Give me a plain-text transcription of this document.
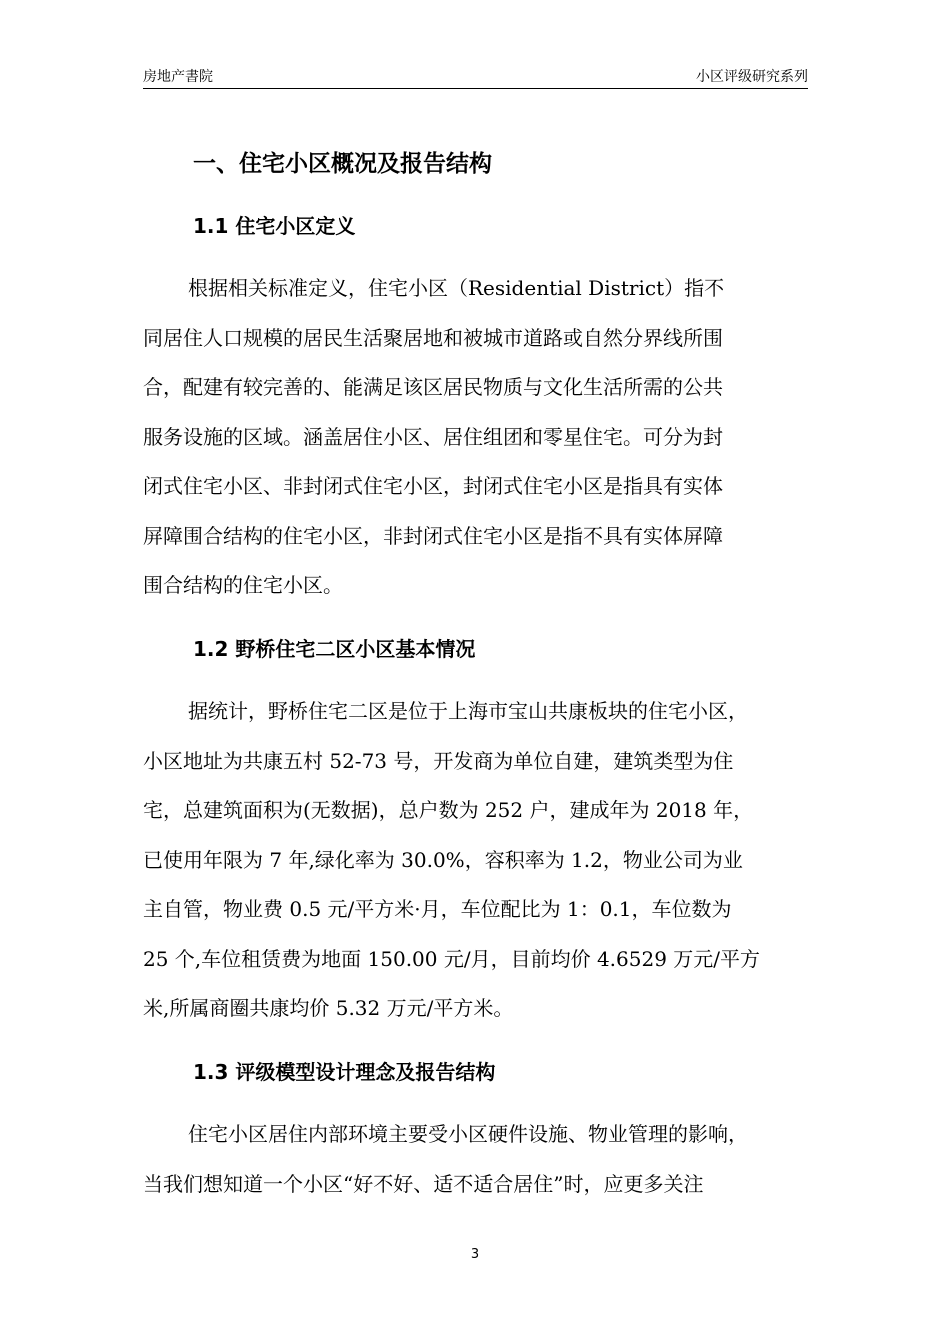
房地产書院	小区评级研究系列
一、住宅小区概况及报告结构
1.1 住宅小区定义
根据相关标准定义，住宅小区（Residential District）指不
同居住人口规模的居民生活聚居地和被城市道路或自然分界线所围
合，配建有较完善的、能满足该区居民物质与文化生活所需的公共
服务设施的区域。涵盖居住小区、居住组团和零星住宅。可分为封
闭式住宅小区、非封闭式住宅小区，封闭式住宅小区是指具有实体
屏障围合结构的住宅小区，非封闭式住宅小区是指不具有实体屏障
围合结构的住宅小区。
1.2 野桥住宅二区小区基本情况
据统计，野桥住宅二区是位于上海市宝山共康板块的住宅小区，
小区地址为共康五村 52-73 号，开发商为单位自建，建筑类型为住
宅，总建筑面积为(无数据)，总户数为 252 户，建成年为 2018 年，
已使用年限为 7 年,绿化率为 30.0%，容积率为 1.2，物业公司为业
主自管，物业费 0.5 元/平方米·月，车位配比为 1：0.1，车位数为
25 个,车位租赁费为地面 150.00 元/月，目前均价 4.6529 万元/平方
米,所属商圈共康均价 5.32 万元/平方米。
1.3 评级模型设计理念及报告结构
住宅小区居住内部环境主要受小区硬件设施、物业管理的影响，
当我们想知道一个小区“好不好、适不适合居住”时，应更多关注
3
